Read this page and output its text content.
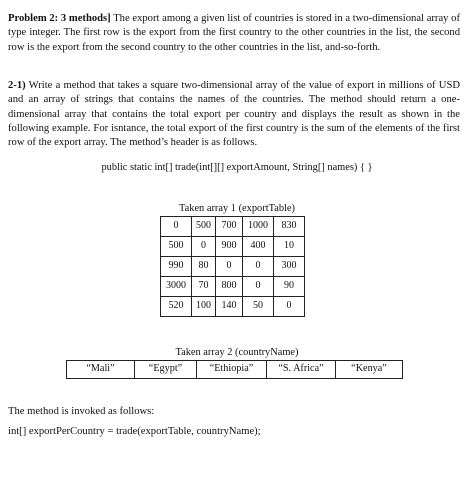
Problem 2: 3 methods] The export among a given list of countries is stored in a two-dimensional array of type integer. The first row is the export from the first country to the other countries in the list, the second row is the export from the second country to the other countries in the list, and-so-forth.

2-1) Write a method that takes a square two-dimensional array of the value of export in millions of USD and an array of strings that contains the names of the countries. The method should return a one-dimensional array that contains the total export per country and displays the result as shown in the following example. For isntance, the total export of the first country is the sum of the elements of the first row of the export array. The method’s header is as follows.

public static int[] trade(int[][] exportAmount, String[] names) { }
Taken array 1 (exportTable)
0	500	700	1000	830
500	0	900	400	10
990	80	0	0	300
3000	70	800	0	90
520	100	140	50	0
Taken array 2 (countryName)
“Mali”	“Egypt”	“Ethiopia”	“S. Africa”	“Kenya”
The method is invoked as follows:
int[] exportPerCountry = trade(exportTable, countryName);
